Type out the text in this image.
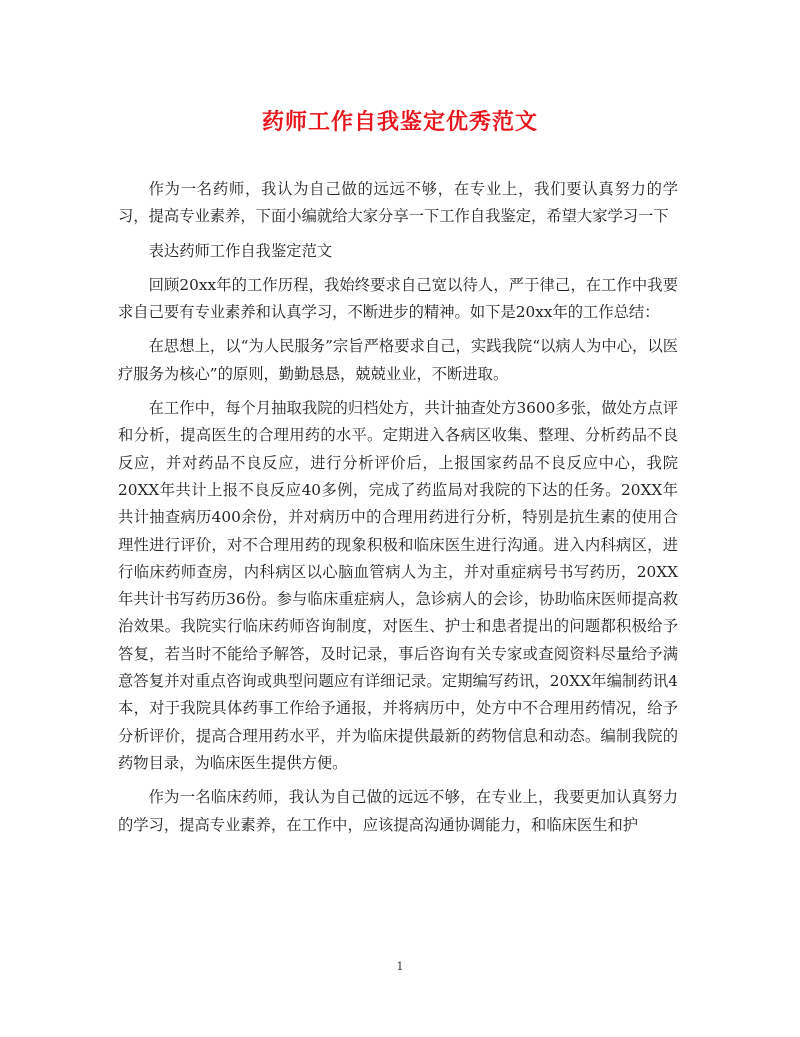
药师工作自我鉴定优秀范文

作为一名药师，我认为自己做的远远不够，在专业上，我们要认真努力的学习，提高专业素养，下面小编就给大家分享一下工作自我鉴定，希望大家学习一下

表达药师工作自我鉴定范文

回顾20xx年的工作历程，我始终要求自己宽以待人，严于律己，在工作中我要求自己要有专业素养和认真学习，不断进步的精神。如下是20xx年的工作总结：

在思想上，以“为人民服务”宗旨严格要求自己，实践我院“以病人为中心，以医疗服务为核心”的原则，勤勤恳恳，兢兢业业，不断进取。

在工作中，每个月抽取我院的归档处方，共计抽查处方3600多张，做处方点评和分析，提高医生的合理用药的水平。定期进入各病区收集、整理、分析药品不良反应，并对药品不良反应，进行分析评价后，上报国家药品不良反应中心，我院20XX年共计上报不良反应40多例，完成了药监局对我院的下达的任务。20XX年共计抽查病历400余份，并对病历中的合理用药进行分析，特别是抗生素的使用合理性进行评价，对不合理用药的现象积极和临床医生进行沟通。进入内科病区，进行临床药师查房，内科病区以心脑血管病人为主，并对重症病号书写药历，20XX年共计书写药历36份。参与临床重症病人，急诊病人的会诊，协助临床医师提高救治效果。我院实行临床药师咨询制度，对医生、护士和患者提出的问题都积极给予答复，若当时不能给予解答，及时记录，事后咨询有关专家或查阅资料尽量给予满意答复并对重点咨询或典型问题应有详细记录。定期编写药讯，20XX年编制药讯4本，对于我院具体药事工作给予通报，并将病历中，处方中不合理用药情况，给予分析评价，提高合理用药水平，并为临床提供最新的药物信息和动态。编制我院的药物目录，为临床医生提供方便。

作为一名临床药师，我认为自己做的远远不够，在专业上，我要更加认真努力的学习，提高专业素养，在工作中，应该提高沟通协调能力，和临床医生和护

1
